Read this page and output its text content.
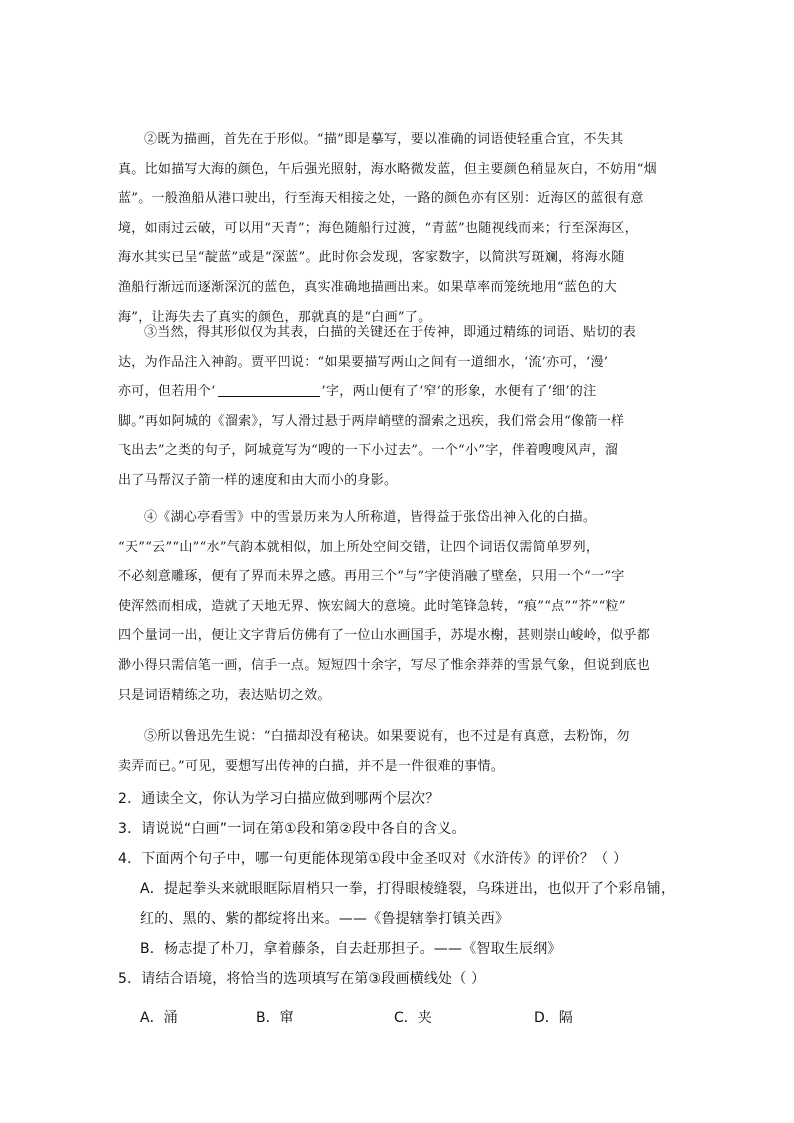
②既为描画，首先在于形似。“描”即是摹写，要以准确的词语使轻重合宜，不失其
真。比如描写大海的颜色，午后强光照射，海水略微发蓝，但主要颜色稍显灰白，不妨用“烟
蓝”。一般渔船从港口驶出，行至海天相接之处，一路的颜色亦有区别：近海区的蓝很有意
境，如雨过云破，可以用“天青”；海色随船行过渡，“青蓝”也随视线而来；行至深海区，
海水其实已呈“靛蓝”或是“深蓝”。此时你会发现，客家数字，以简洪写斑斓，将海水随
渔船行渐远而逐渐深沉的蓝色，真实准确地描画出来。如果草率而笼统地用“蓝色的大
海”，让海失去了真实的颜色，那就真的是“白画”了。
③当然，得其形似仅为其表，白描的关键还在于传神，即通过精练的词语、贴切的表
达，为作品注入神韵。贾平凹说：“如果要描写两山之间有一道细水，‘流’亦可，‘漫’
亦可，但若用个‘	’字，两山便有了‘窄’的形象，水便有了‘细’的注
脚。”再如阿城的《溜索》，写人滑过悬于两岸峭壁的溜索之迅疾，我们常会用“像箭一样
飞出去”之类的句子，阿城竟写为“嗖的一下小过去”。一个“小”字，伴着嗖嗖风声，溜
出了马帮汉子箭一样的速度和由大而小的身影。
④《湖心亭看雪》中的雪景历来为人所称道，皆得益于张岱出神入化的白描。
“天”“云”“山”“水”气韵本就相似，加上所处空间交错，让四个词语仅需简单罗列，
不必刻意雕琢，便有了界而未界之感。再用三个“与”字使消融了壁垒，只用一个“一”字
使浑然而相成，造就了天地无界、恢宏阔大的意境。此时笔锋急转，“痕”“点”“芥”“粒”
四个量词一出，便让文字背后仿佛有了一位山水画国手，苏堤水榭，甚则崇山峻岭，似乎都
渺小得只需信笔一画，信手一点。短短四十余字，写尽了惟余莽莽的雪景气象，但说到底也
只是词语精练之功，表达贴切之效。
⑤所以鲁迅先生说：“白描却没有秘诀。如果要说有，也不过是有真意，去粉饰，勿
卖弄而已。”可见，要想写出传神的白描，并不是一件很难的事情。
2．通读全文，你认为学习白描应做到哪两个层次？
3．请说说“白画”一词在第①段和第②段中各自的含义。
4．下面两个句子中，哪一句更能体现第①段中金圣叹对《水浒传》的评价？（ ）
A．提起拳头来就眼眶际眉梢只一拳，打得眼棱缝裂，乌珠迸出，也似开了个彩帛铺，
红的、黑的、紫的都绽将出来。——《鲁提辖拳打镇关西》
B．杨志提了朴刀，拿着藤条，自去赶那担子。——《智取生辰纲》
5．请结合语境，将恰当的选项填写在第③段画横线处（ ）
A．涌	B．窜	C．夹	D．隔
